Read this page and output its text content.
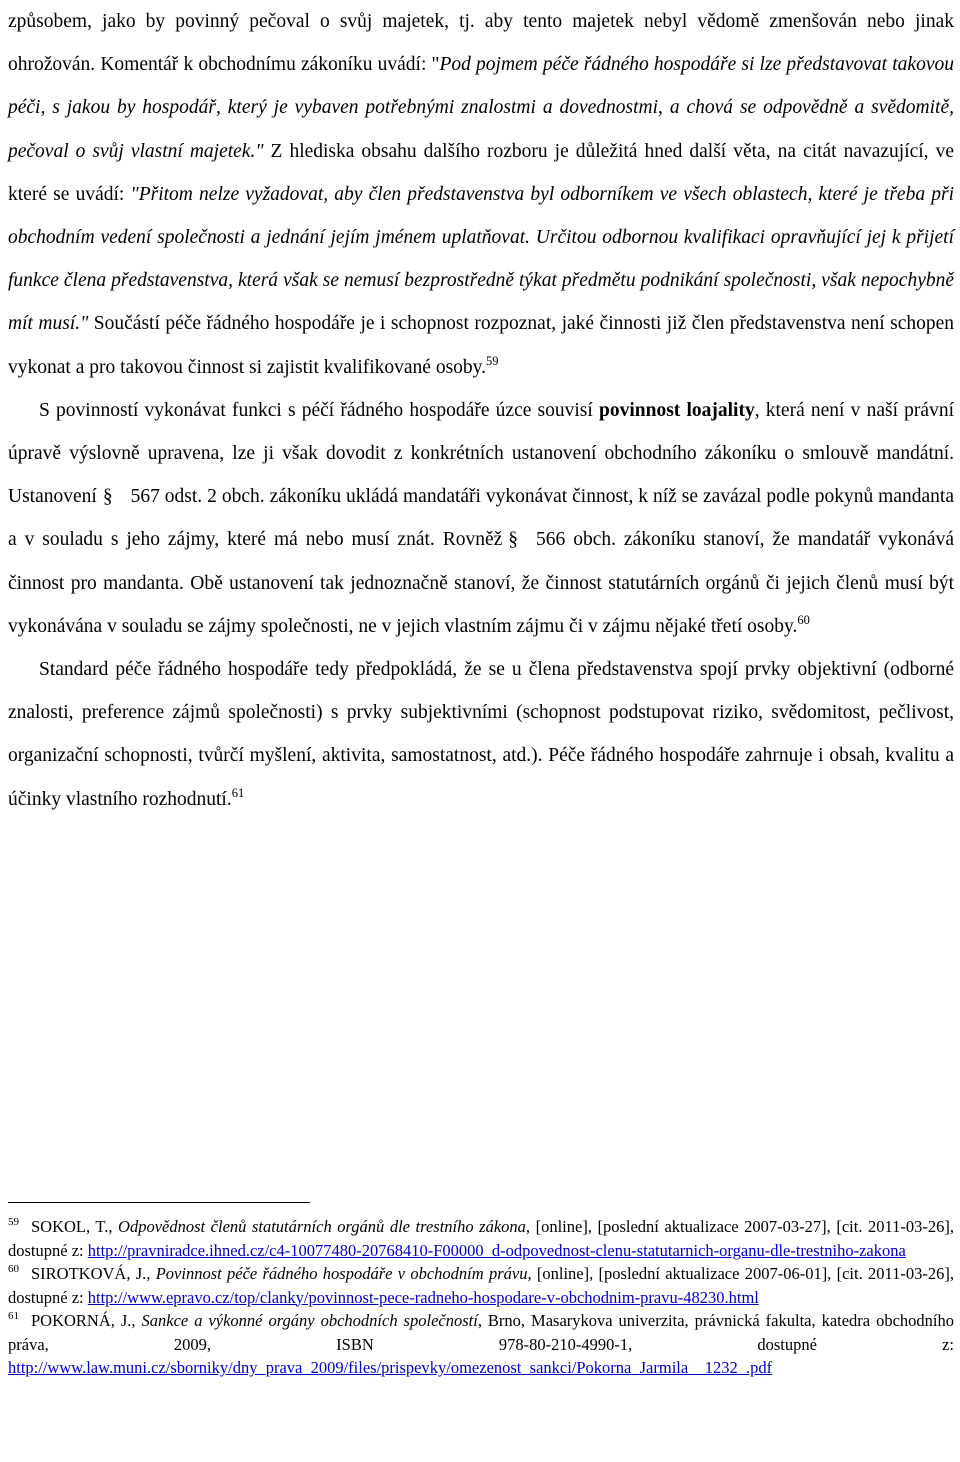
způsobem, jako by povinný pečoval o svůj majetek, tj. aby tento majetek nebyl vědomě zmenšován nebo jinak ohrožován. Komentář k obchodnímu zákoníku uvádí: "Pod pojmem péče řádného hospodáře si lze představovat takovou péči, s jakou by hospodář, který je vybaven potřebnými znalostmi a dovednostmi, a chová se odpovědně a svědomitě, pečoval o svůj vlastní majetek." Z hlediska obsahu dalšího rozboru je důležitá hned další věta, na citát navazující, ve které se uvádí: "Přitom nelze vyžadovat, aby člen představenstva byl odborníkem ve všech oblastech, které je třeba při obchodním vedení společnosti a jednání jejím jménem uplatňovat. Určitou odbornou kvalifikaci opravňující jej k přijetí funkce člena představenstva, která však se nemusí bezprostředně týkat předmětu podnikání společnosti, však nepochybně mít musí." Součástí péče řádného hospodáře je i schopnost rozpoznat, jaké činnosti již člen představenstva není schopen vykonat a pro takovou činnost si zajistit kvalifikované osoby.$^{59}$

S povinností vykonávat funkci s péčí řádného hospodáře úzce souvisí povinnost loajality, která není v naší právní úpravě výslovně upravena, lze ji však dovodit z konkrétních ustanovení obchodního zákoníku o smlouvě mandátní. Ustanovení § 567 odst. 2 obch. zákoníku ukládá mandatáři vykonávat činnost, k níž se zavázal podle pokynů mandanta a v souladu s jeho zájmy, které má nebo musí znát. Rovněž § 566 obch. zákoníku stanoví, že mandatář vykonává činnost pro mandanta. Obě ustanovení tak jednoznačně stanoví, že činnost statutárních orgánů či jejich členů musí být vykonávána v souladu se zájmy společnosti, ne v jejich vlastním zájmu či v zájmu nějaké třetí osoby.$^{60}$

Standard péče řádného hospodáře tedy předpokládá, že se u člena představenstva spojí prvky objektivní (odborné znalosti, preference zájmů společnosti) s prvky subjektivními (schopnost podstupovat riziko, svědomitost, pečlivost, organizační schopnosti, tvůrčí myšlení, aktivita, samostatnost, atd.). Péče řádného hospodáře zahrnuje i obsah, kvalitu a účinky vlastního rozhodnutí.$^{61}$

$^{59}$ SOKOL, T., Odpovědnost členů statutárních orgánů dle trestního zákona, [online], [poslední aktualizace 2007-03-27], [cit. 2011-03-26], dostupné z: http://pravniradce.ihned.cz/c4-10077480-20768410-F00000_d-odpovednost-clenu-statutarnich-organu-dle-trestniho-zakona

$^{60}$ SIROTKOVÁ, J., Povinnost péče řádného hospodáře v obchodním právu, [online], [poslední aktualizace 2007-06-01], [cit. 2011-03-26], dostupné z: http://www.epravo.cz/top/clanky/povinnost-pece-radneho-hospodare-v-obchodnim-pravu-48230.html

$^{61}$ POKORNÁ, J., Sankce a výkonné orgány obchodních společností, Brno, Masarykova univerzita, právnická fakulta, katedra obchodního práva, 2009, ISBN 978-80-210-4990-1, dostupné z: http://www.law.muni.cz/sborniky/dny_prava_2009/files/prispevky/omezenost_sankci/Pokorna_Jarmila__1232_.pdf
